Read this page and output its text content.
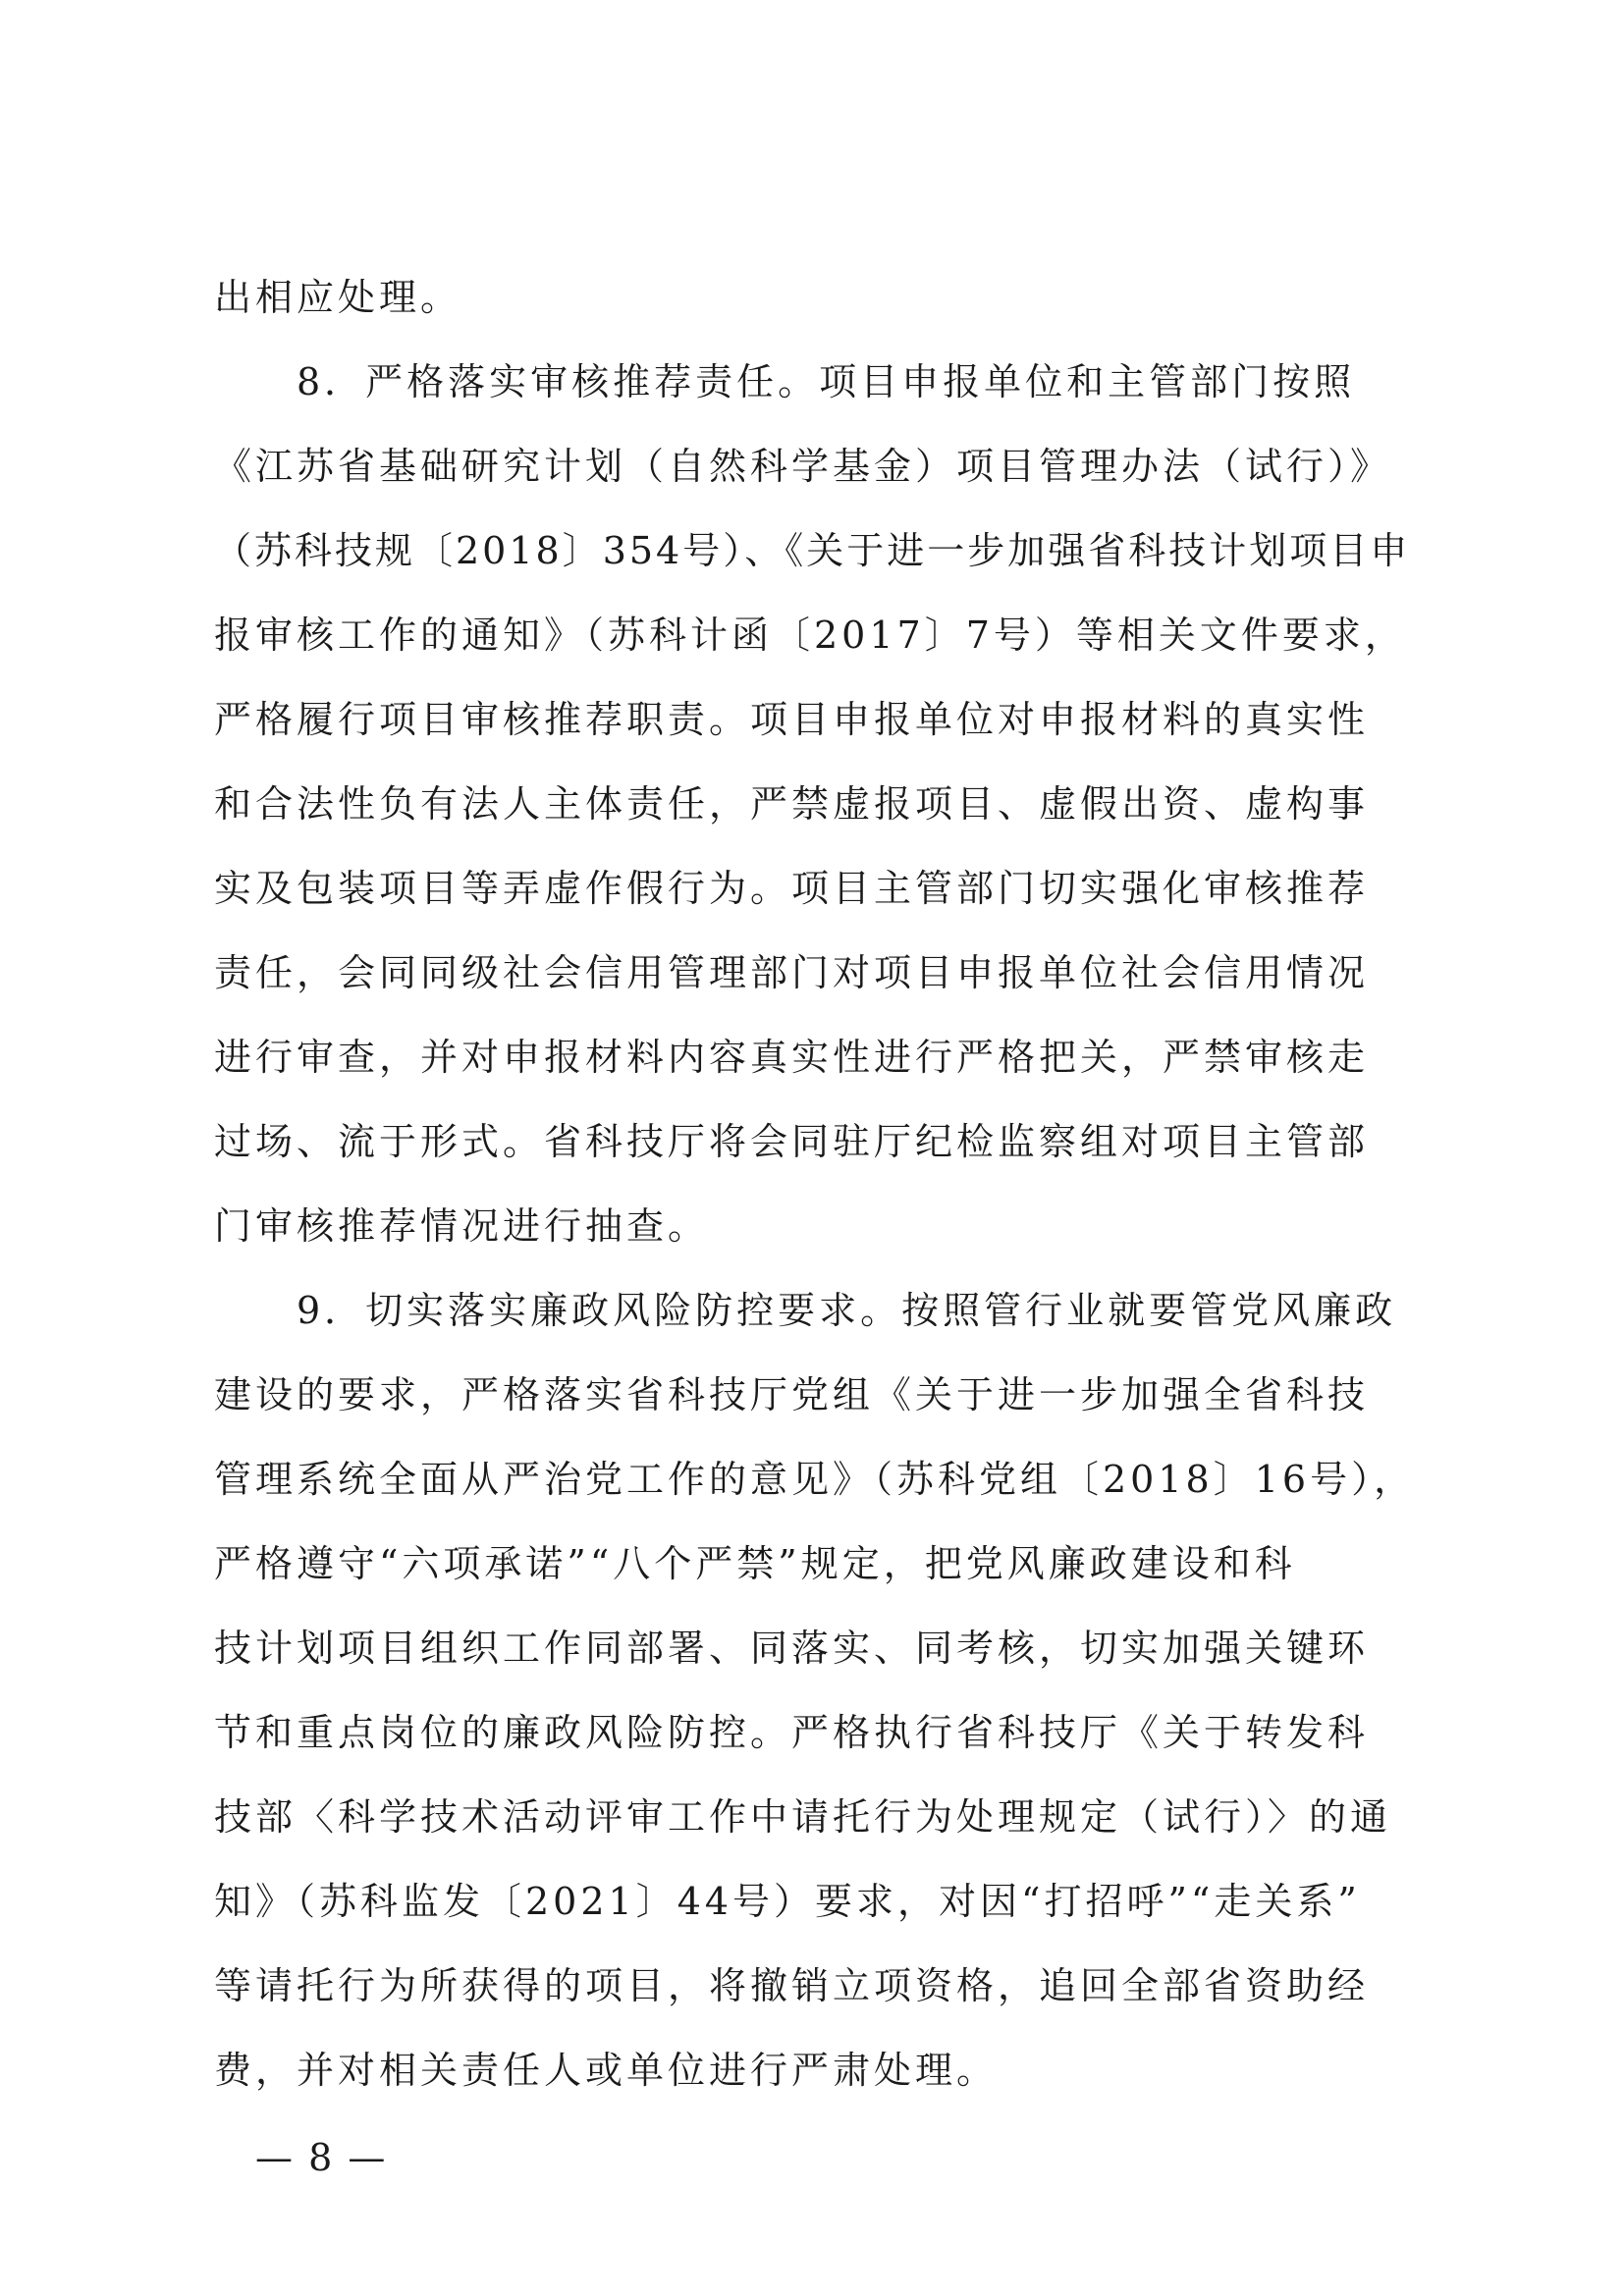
出相应处理。
　　8．严格落实审核推荐责任。项目申报单位和主管部门按照
《江苏省基础研究计划（自然科学基金）项目管理办法（试行）》
（苏科技规〔2018〕354号）、《关于进一步加强省科技计划项目申
报审核工作的通知》（苏科计函〔2017〕7号）等相关文件要求，
严格履行项目审核推荐职责。项目申报单位对申报材料的真实性
和合法性负有法人主体责任，严禁虚报项目、虚假出资、虚构事
实及包装项目等弄虚作假行为。项目主管部门切实强化审核推荐
责任，会同同级社会信用管理部门对项目申报单位社会信用情况
进行审查，并对申报材料内容真实性进行严格把关，严禁审核走
过场、流于形式。省科技厅将会同驻厅纪检监察组对项目主管部
门审核推荐情况进行抽查。
　　9．切实落实廉政风险防控要求。按照管行业就要管党风廉政
建设的要求，严格落实省科技厅党组《关于进一步加强全省科技
管理系统全面从严治党工作的意见》（苏科党组〔2018〕16号），
严格遵守“六项承诺”“八个严禁”规定，把党风廉政建设和科
技计划项目组织工作同部署、同落实、同考核，切实加强关键环
节和重点岗位的廉政风险防控。严格执行省科技厅《关于转发科
技部〈科学技术活动评审工作中请托行为处理规定（试行）〉的通
知》（苏科监发〔2021〕44号）要求，对因“打招呼”“走关系”
等请托行为所获得的项目，将撤销立项资格，追回全部省资助经
费，并对相关责任人或单位进行严肃处理。
— 8 —
